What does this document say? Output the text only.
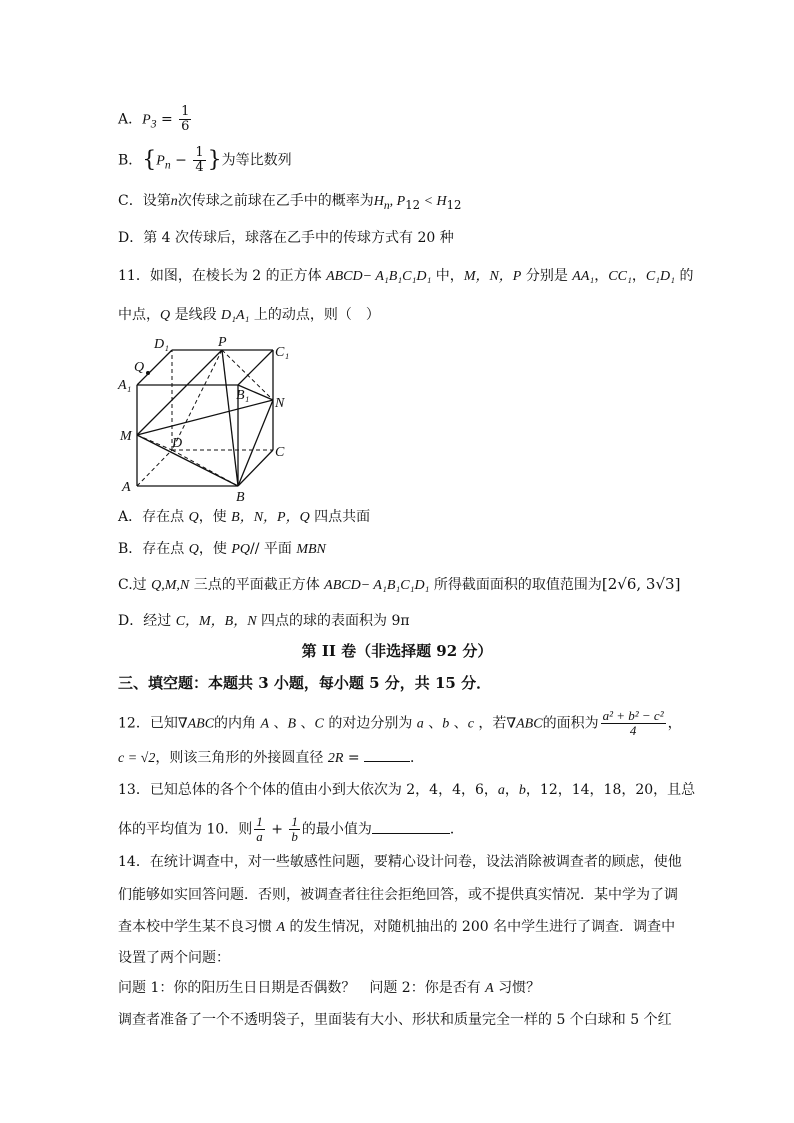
A．$P_3 = \frac{1}{6}$
B．{$P_n - \frac{1}{4}$ }为等比数列
C．设第n次传球之前球在乙手中的概率为$H_n$, $P_{12} < H_{12}$
D．第 4 次传球后，球落在乙手中的传球方式有 20 种
11．如图，在棱长为 2 的正方体 ABCD− A₁B₁C₁D₁ 中，M，N，P 分别是 AA₁，CC₁，C₁D₁ 的
中点，Q 是线段 D₁A₁ 上的动点，则（　）
D₁	P
C₁
Q
A₁
B₁
N
M	D
C
A
B
A．存在点 Q，使 B，N，P，Q 四点共面
B．存在点 Q，使 PQ// 平面 MBN
C.过 Q,M,N 三点的平面截正方体 ABCD− A₁B₁C₁D₁ 所得截面面积的取值范围为[2√6, 3√3]
D．经过 C，M，B，N 四点的球的表面积为 9π
第 II 卷（非选择题 92 分）
三、填空题：本题共 3 小题，每小题 5 分，共 15 分．
12．已知∇ABC的内角 A 、B 、C 的对边分别为 a 、b 、c ，若∇ABC的面积为 $\frac{\text{a² + b² − c²}}{4}$ ，
c = √2，则该三角形的外接圆直径 2R =	．
13．已知总体的各个个体的值由小到大依次为 2，4，4，6，a，b，12，14，18，20，且总
体的平均值为 10．则 $\frac{1}{a} + \frac{1}{b}$ 的最小值为	．
14．在统计调查中，对一些敏感性问题，要精心设计问卷，设法消除被调查者的顾虑，使他
们能够如实回答问题．否则，被调查者往往会拒绝回答，或不提供真实情况．某中学为了调
查本校中学生某不良习惯 A 的发生情况，对随机抽出的 200 名中学生进行了调查．调查中
设置了两个问题：
问题 1：你的阳历生日日期是否偶数？　问题 2：你是否有 A 习惯？
调查者准备了一个不透明袋子，里面装有大小、形状和质量完全一样的 5 个白球和 5 个红
